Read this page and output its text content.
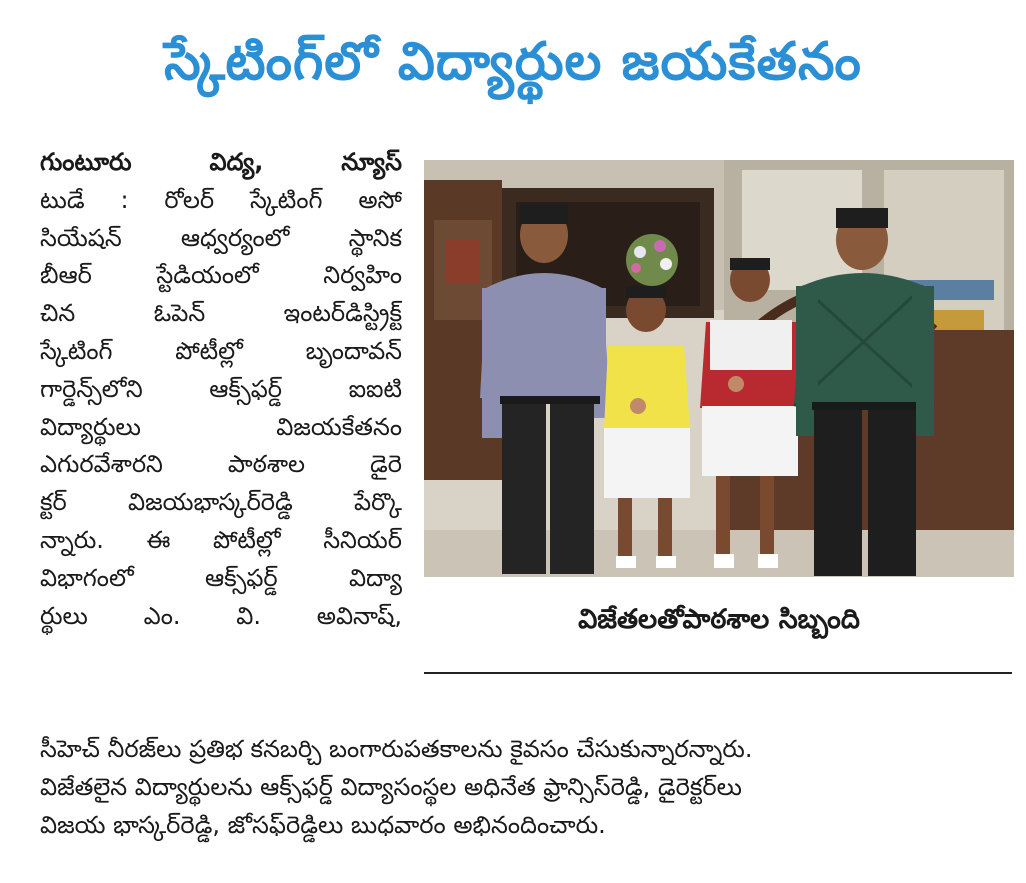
స్కేటింగ్‌లో విద్యార్థుల జయకేతనం
గుంటూరు విద్య, న్యూస్
టుడే : రోలర్ స్కేటింగ్ అసో
సియేషన్ ఆధ్వర్యంలో స్థానిక
బీఆర్ స్టేడియంలో నిర్వహిం
చిన ఓపెన్ ఇంటర్‌డిస్ట్రిక్ట్
స్కేటింగ్ పోటీల్లో బృందావన్
గార్డెన్స్‌లోని ఆక్స్‌ఫర్డ్ ఐఐటి
విద్యార్థులు విజయకేతనం
ఎగురవేశారని పాఠశాల డైరె
క్టర్ విజయభాస్కర్‌రెడ్డి పేర్కొ
న్నారు. ఈ పోటీల్లో సీనియర్
విభాగంలో ఆక్స్‌ఫర్డ్ విద్యా
ర్థులు ఎం. వి. అవినాష్,	విజేతలతోపాఠశాల సిబ్బంది
సీహెచ్ నీరజ్‌లు ప్రతిభ కనబర్చి బంగారుపతకాలను కైవసం చేసుకున్నారన్నారు.
విజేతలైన విద్యార్థులను ఆక్స్‌ఫర్డ్ విద్యాసంస్థల అధినేత ఫ్రాన్సిస్‌రెడ్డి, డైరెక్టర్‌లు
విజయ భాస్కర్‌రెడ్డి, జోసఫ్‌రెడ్డిలు బుధవారం అభినందించారు.
